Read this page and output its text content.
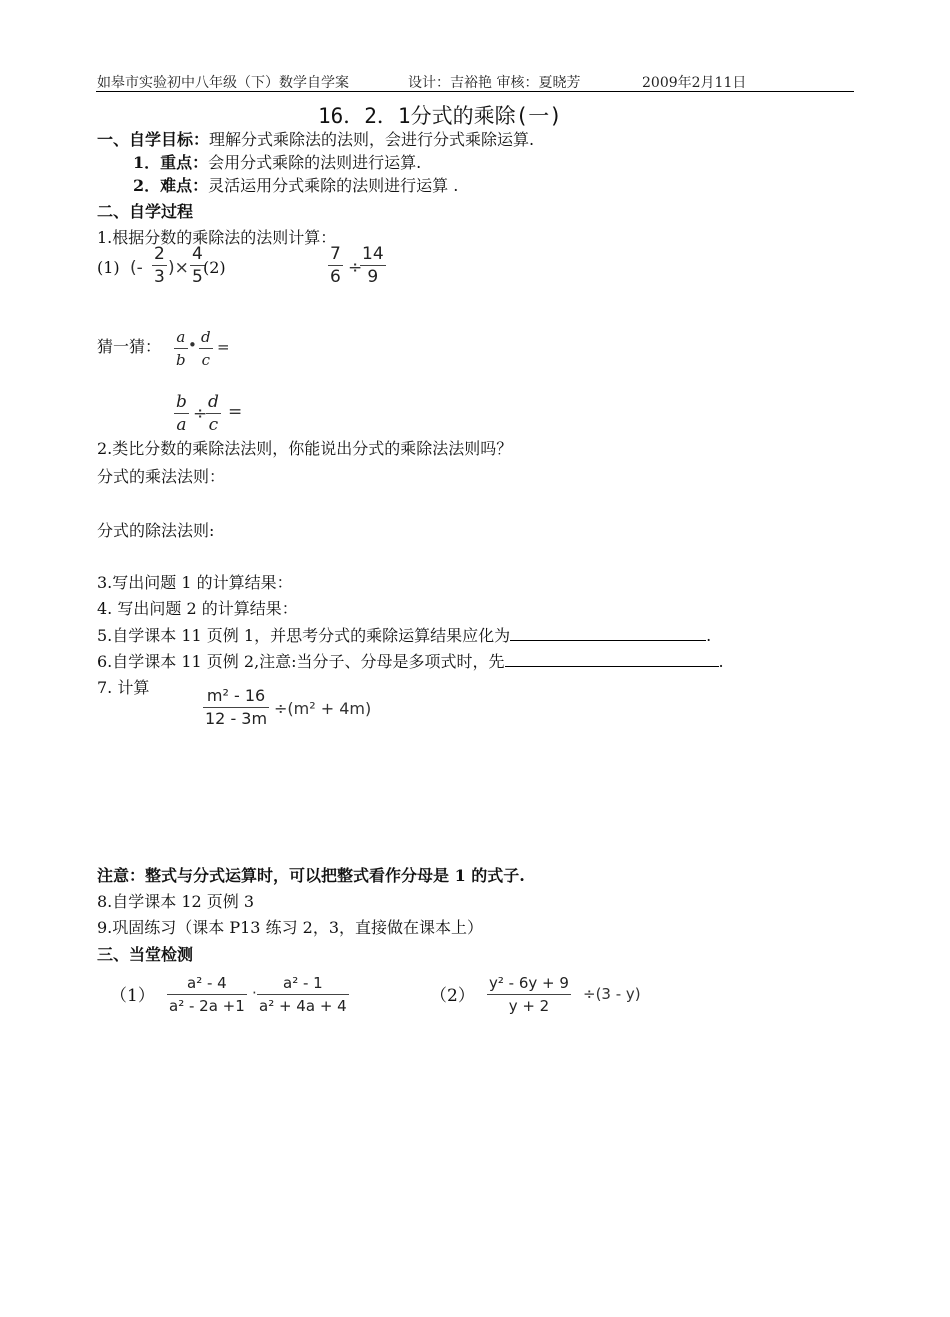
如皋市实验初中八年级（下）数学自学案	设计：吉裕艳 审核：夏晓芳	2009年2月11日
16．2．1分式的乘除(一)
一、自学目标：理解分式乘除法的法则，会进行分式乘除运算.
1．重点：会用分式乘除的法则进行运算.
2．难点：灵活运用分式乘除的法则进行运算 .
二、自学过程
1.根据分数的乘除法的法则计算：
(1) (-
2
3 )×
4
5 (2)
7
6 ÷
14
9
猜一猜： a
b
• d
c
=
b
a
÷
d
c
=
2.类比分数的乘除法法则，你能说出分式的乘除法法则吗？
分式的乘法法则：
分式的除法法则:
3.写出问题 1 的计算结果：
4. 写出问题 2 的计算结果：
5.自学课本 11 页例 1，并思考分式的乘除运算结果应化为	.
6.自学课本 11 页例 2,注意:当分子、分母是多项式时，先	.
7. 计算	m² - 16
12 - 3m
÷(m² + 4m)
注意：整式与分式运算时，可以把整式看作分母是 1 的式子.
8.自学课本 12 页例 3
9.巩固练习（课本 P13 练习 2，3，直接做在课本上）
三、当堂检测
（1）
a² - 4
a² - 2a +1
·
a² - 1
a² + 4a + 4	（2）
y² - 6y + 9
y + 2
÷(3 - y)
